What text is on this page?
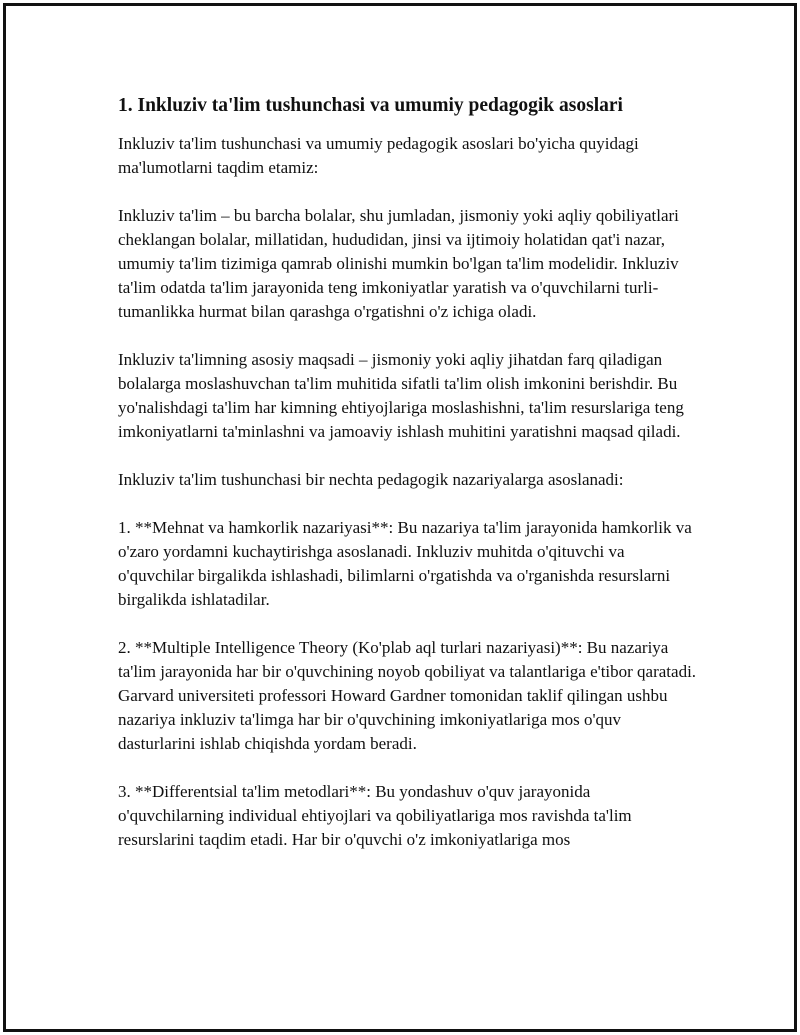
1. Inkluziv ta'lim tushunchasi va umumiy pedagogik asoslari

Inkluziv ta'lim tushunchasi va umumiy pedagogik asoslari bo'yicha quyidagi ma'lumotlarni taqdim etamiz:

Inkluziv ta'lim – bu barcha bolalar, shu jumladan, jismoniy yoki aqliy qobiliyatlari cheklangan bolalar, millatidan, hududidan, jinsi va ijtimoiy holatidan qat'i nazar, umumiy ta'lim tizimiga qamrab olinishi mumkin bo'lgan ta'lim modelidir. Inkluziv ta'lim odatda ta'lim jarayonida teng imkoniyatlar yaratish va o'quvchilarni turli-tumanlikka hurmat bilan qarashga o'rgatishni o'z ichiga oladi.

Inkluziv ta'limning asosiy maqsadi – jismoniy yoki aqliy jihatdan farq qiladigan bolalarga moslashuvchan ta'lim muhitida sifatli ta'lim olish imkonini berishdir. Bu yo'nalishdagi ta'lim har kimning ehtiyojlariga moslashishni, ta'lim resurslariga teng imkoniyatlarni ta'minlashni va jamoaviy ishlash muhitini yaratishni maqsad qiladi.

Inkluziv ta'lim tushunchasi bir nechta pedagogik nazariyalarga asoslanadi:

1. **Mehnat va hamkorlik nazariyasi**: Bu nazariya ta'lim jarayonida hamkorlik va o'zaro yordamni kuchaytirishga asoslanadi. Inkluziv muhitda o'qituvchi va o'quvchilar birgalikda ishlashadi, bilimlarni o'rgatishda va o'rganishda resurslarni birgalikda ishlatadilar.

2. **Multiple Intelligence Theory (Ko'plab aql turlari nazariyasi)**: Bu nazariya ta'lim jarayonida har bir o'quvchining noyob qobiliyat va talantlariga e'tibor qaratadi. Garvard universiteti professori Howard Gardner tomonidan taklif qilingan ushbu nazariya inkluziv ta'limga har bir o'quvchining imkoniyatlariga mos o'quv dasturlarini ishlab chiqishda yordam beradi.

3. **Differentsial ta'lim metodlari**: Bu yondashuv o'quv jarayonida o'quvchilarning individual ehtiyojlari va qobiliyatlariga mos ravishda ta'lim resurslarini taqdim etadi. Har bir o'quvchi o'z imkoniyatlariga mos
